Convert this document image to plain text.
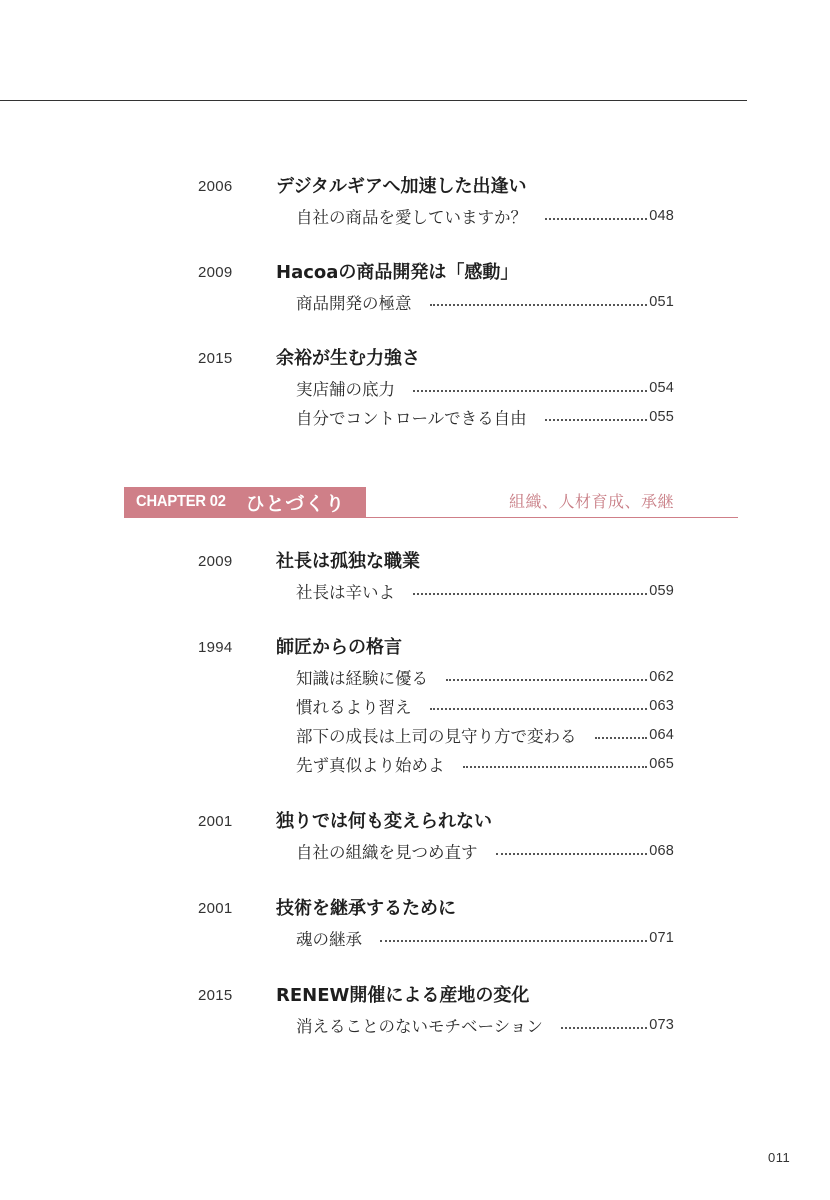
2006 デジタルギアへ加速した出逢い
自社の商品を愛していますか？	048
2009 Hacoaの商品開発は「感動」
商品開発の極意	051
2015 余裕が生む力強さ
実店舗の底力	054
自分でコントロールできる自由	055
CHAPTER 02 ひとづくり	組織、人材育成、承継
2009 社長は孤独な職業
社長は辛いよ	059
1994 師匠からの格言
知識は経験に優る	062
慣れるより習え	063
部下の成長は上司の見守り方で変わる	064
先ず真似より始めよ	065
2001 独りでは何も変えられない
自社の組織を見つめ直す	068
2001 技術を継承するために
魂の継承	071
2015 RENEW開催による産地の変化
消えることのないモチベーション	073
011
